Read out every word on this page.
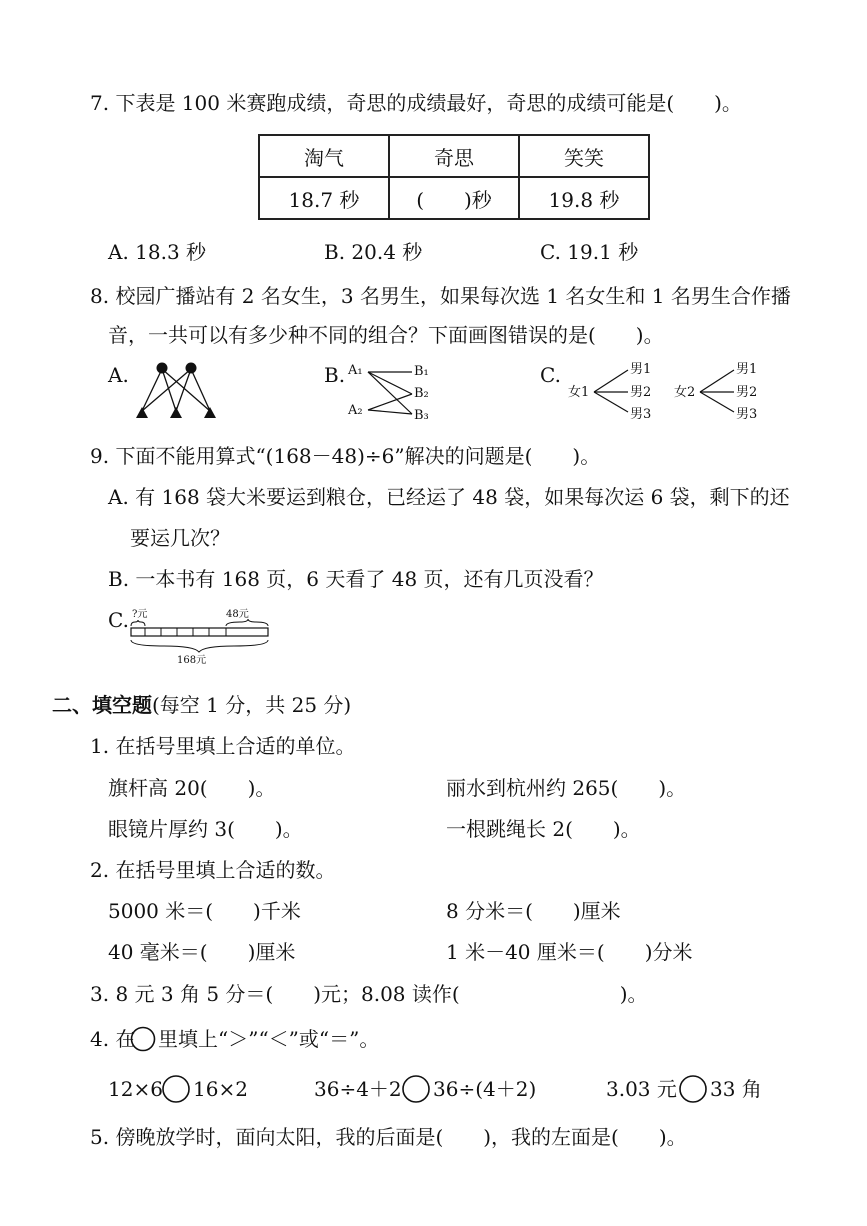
7. 下表是 100 米赛跑成绩，奇思的成绩最好，奇思的成绩可能是(　　)。
淘气	奇思	笑笑
18.7 秒	(　　)秒	19.8 秒
A. 18.3 秒	B. 20.4 秒	C. 19.1 秒
8. 校园广播站有 2 名女生，3 名男生，如果每次选 1 名女生和 1 名男生合作播
音，一共可以有多少种不同的组合？下面画图错误的是(　　)。
A.	B. A₁
A₂
B₁
B₂
B₃
C.
女1
男1
男2
男3
女2
男1
男2
男3
9. 下面不能用算式“(168－48)÷6”解决的问题是(　　)。
A. 有 168 袋大米要运到粮仓，已经运了 48 袋，如果每次运 6 袋，剩下的还
要运几次？
B. 一本书有 168 页，6 天看了 48 页，还有几页没看？
C. ?元	48元
168元
二、填空题 (每空 1 分，共 25 分)
1. 在括号里填上合适的单位。
旗杆高 20(　　)。	丽水到杭州约 265(　　)。
眼镜片厚约 3(　　)。	一根跳绳长 2(　　)。
2. 在括号里填上合适的数。
5000 米＝(　　)千米	8 分米＝(　　)厘米
40 毫米＝(　　)厘米	1 米－40 厘米＝(　　)分米
3. 8 元 3 角 5 分＝(　　)元；8.08 读作(　　　　　　　　)。
4. 在 里填上“＞”“＜”或“＝”。
12×6 16×2	36÷4＋2 36÷(4＋2)	3.03 元 33 角
5. 傍晚放学时，面向太阳，我的后面是(　　)，我的左面是(　　)。
